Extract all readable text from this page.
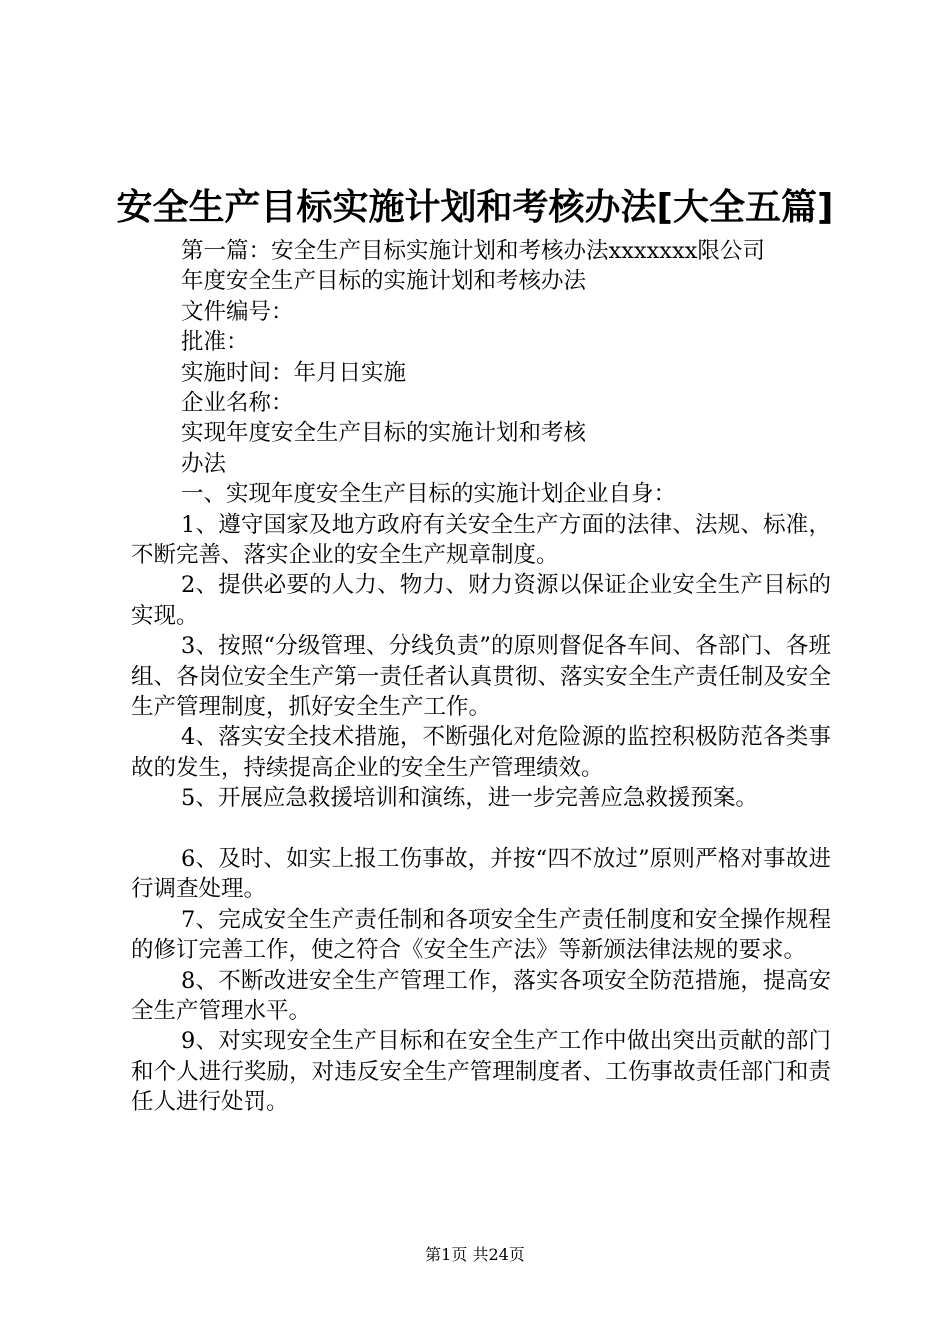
安全生产目标实施计划和考核办法[大全五篇]

第一篇：安全生产目标实施计划和考核办法xxxxxxx限公司

年度安全生产目标的实施计划和考核办法
文件编号：
批准：
实施时间：年月日实施
企业名称：
实现年度安全生产目标的实施计划和考核
办法
一、实现年度安全生产目标的实施计划企业自身：

1、遵守国家及地方政府有关安全生产方面的法律、法规、标准，不断完善、落实企业的安全生产规章制度。

2、提供必要的人力、物力、财力资源以保证企业安全生产目标的实现。

3、按照“分级管理、分线负责”的原则督促各车间、各部门、各班组、各岗位安全生产第一责任者认真贯彻、落实安全生产责任制及安全生产管理制度，抓好安全生产工作。

4、落实安全技术措施，不断强化对危险源的监控积极防范各类事故的发生，持续提高企业的安全生产管理绩效。

5、开展应急救援培训和演练，进一步完善应急救援预案。

6、及时、如实上报工伤事故，并按“四不放过”原则严格对事故进行调查处理。

7、完成安全生产责任制和各项安全生产责任制度和安全操作规程的修订完善工作，使之符合《安全生产法》等新颁法律法规的要求。

8、不断改进安全生产管理工作，落实各项安全防范措施，提高安全生产管理水平。

9、对实现安全生产目标和在安全生产工作中做出突出贡献的部门和个人进行奖励，对违反安全生产管理制度者、工伤事故责任部门和责任人进行处罚。

第1页 共24页
